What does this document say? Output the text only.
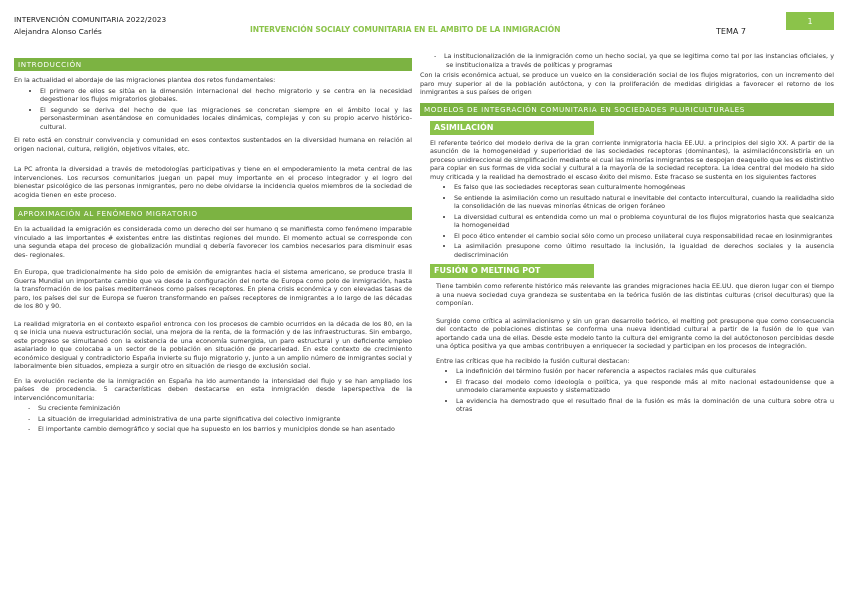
INTERVENCIÓN COMUNITARIA 2022/2023
Alejandra Alonso Carlés	INTERVENCIÓN SOCIALY COMUNITARIA EN EL AMBITO DE LA INMIGRACIÓN	TEMA 7
1
INTRODUCCIÓN

En la actualidad el abordaje de las migraciones plantea dos retos fundamentales:

• El primero de ellos se sitúa en la dimensión internacional del hecho migratorio y se centra en la necesidad degestionar los flujos migratorios globales.
• El segundo se deriva del hecho de que las migraciones se concretan siempre en el ámbito local y las personasterminan asentándose en comunidades locales dinámicas, complejas y con su propio acervo histórico-cultural.

El reto está en construir convivencia y comunidad en esos contextos sustentados en la diversidad humana en relación al origen nacional, cultura, religión, objetivos vitales, etc.

La PC afronta la diversidad a través de metodologías participativas y tiene en el empoderamiento la meta central de las intervenciones. Los recursos comunitarios juegan un papel muy importante en el proceso integrador y el logro del bienestar psicológico de las personas inmigrantes, pero no debe olvidarse la incidencia quelos miembros de la sociedad de acogida tienen en este proceso.

APROXIMACIÓN AL FENÓMENO MIGRATORIO

En la actualidad la emigración es considerada como un derecho del ser humano q se manifiesta como fenómeno imparable vinculado a las importantes # existentes entre las distintas regiones del mundo. El momento actual se corresponde con una segunda etapa del proceso de globalización mundial q debería favorecer los cambios necesarios para disminuir esas des- regionales.

En Europa, que tradicionalmente ha sido polo de emisión de emigrantes hacia el sistema americano, se produce trasla II Guerra Mundial un importante cambio que va desde la configuración del norte de Europa como polo de inmigración, hasta la transformación de los países mediterráneos como países receptores. En plena crisis económica y con elevadas tasas de paro, los países del sur de Europa se fueron transformando en países receptores de inmigrantes a lo largo de las décadas de los 80 y 90.

La realidad migratoria en el contexto español entronca con los procesos de cambio ocurridos en la década de los 80, en la q se inicia una nueva estructuración social, una mejora de la renta, de la formación y de las infraestructuras. Sin embargo, este progreso se simultaneó con la existencia de una economía sumergida, un paro estructural y un deficiente empleo asalariado lo que colocaba a un sector de la población en situación de precariedad. En este contexto de crecimiento económico desigual y contradictorio España invierte su flujo migratorio y, junto a un amplio número de inmigrantes social y laboralmente bien situados, empieza a surgir otro en situación de riesgo de exclusión social.

En la evolución reciente de la inmigración en España ha ido aumentando la intensidad del flujo y se han ampliado los países de procedencia. 5 características deben destacarse en esta inmigración desde laperspectiva de la intervencióncomunitaria:

- Su creciente feminización
- La situación de irregularidad administrativa de una parte significativa del colectivo inmigrante
- El importante cambio demográfico y social que ha supuesto en los barrios y municipios donde se han asentado
- La institucionalización de la inmigración como un hecho social, ya que se legitima como tal por las instancias oficiales, y se institucionaliza a través de políticas y programas

Con la crisis económica actual, se produce un vuelco en la consideración social de los flujos migratorios, con un incremento del paro muy superior al de la población autóctona, y con la proliferación de medidas dirigidas a favorecer el retorno de los inmigrantes a sus países de origen

MODELOS DE INTEGRACIÓN COMUNITARIA EN SOCIEDADES PLURICULTURALES
ASIMILACIÓN

El referente teórico del modelo deriva de la gran corriente inmigratoria hacia EE.UU. a principios del siglo XX. A partir de la asunción de la homogeneidad y superioridad de las sociedades receptoras (dominantes), la asimilaciónconsistiría en un proceso unidireccional de simplificación mediante el cual las minorías inmigrantes se despojan deaquello que les es distintivo para copiar en sus formas de vida social y cultural a la mayoría de la sociedad receptora. La idea central del modelo ha sido muy criticada y la realidad ha demostrado el escaso éxito del mismo. Este fracaso se sustenta en los siguientes factores

• Es falso que las sociedades receptoras sean culturalmente homogéneas
• Se entiende la asimilación como un resultado natural e inevitable del contacto intercultural, cuando la realidadha sido la consolidación de las nuevas minorías étnicas de origen foráneo
• La diversidad cultural es entendida como un mal o problema coyuntural de los flujos migratorios hasta que sealcanza la homogeneidad
• El poco ético entender el cambio social sólo como un proceso unilateral cuya responsabilidad recae en losinmigrantes
• La asimilación presupone como último resultado la inclusión, la igualdad de derechos sociales y la ausencia dediscriminación
FUSIÓN O MELTING POT

Tiene también como referente histórico más relevante las grandes migraciones hacia EE.UU. que dieron lugar con el tiempo a una nueva sociedad cuya grandeza se sustentaba en la teórica fusión de las distintas culturas (crisol deculturas) que la componían.

Surgido como crítica al asimilacionismo y sin un gran desarrollo teórico, el melting pot presupone que como consecuencia del contacto de poblaciones distintas se conforma una nueva identidad cultural a partir de la fusión de lo que van aportando cada una de ellas. Desde este modelo tanto la cultura del emigrante como la del autóctonoson percibidas desde una óptica positiva ya que ambas contribuyen a enriquecer la sociedad y participan en los procesos de integración.

Entre las críticas que ha recibido la fusión cultural destacan:

• La indefinición del término fusión por hacer referencia a aspectos raciales más que culturales
• El fracaso del modelo como ideología o política, ya que responde más al mito nacional estadounidense que a unmodelo claramente expuesto y sistematizado
• La evidencia ha demostrado que el resultado final de la fusión es más la dominación de una cultura sobre otra u otras
